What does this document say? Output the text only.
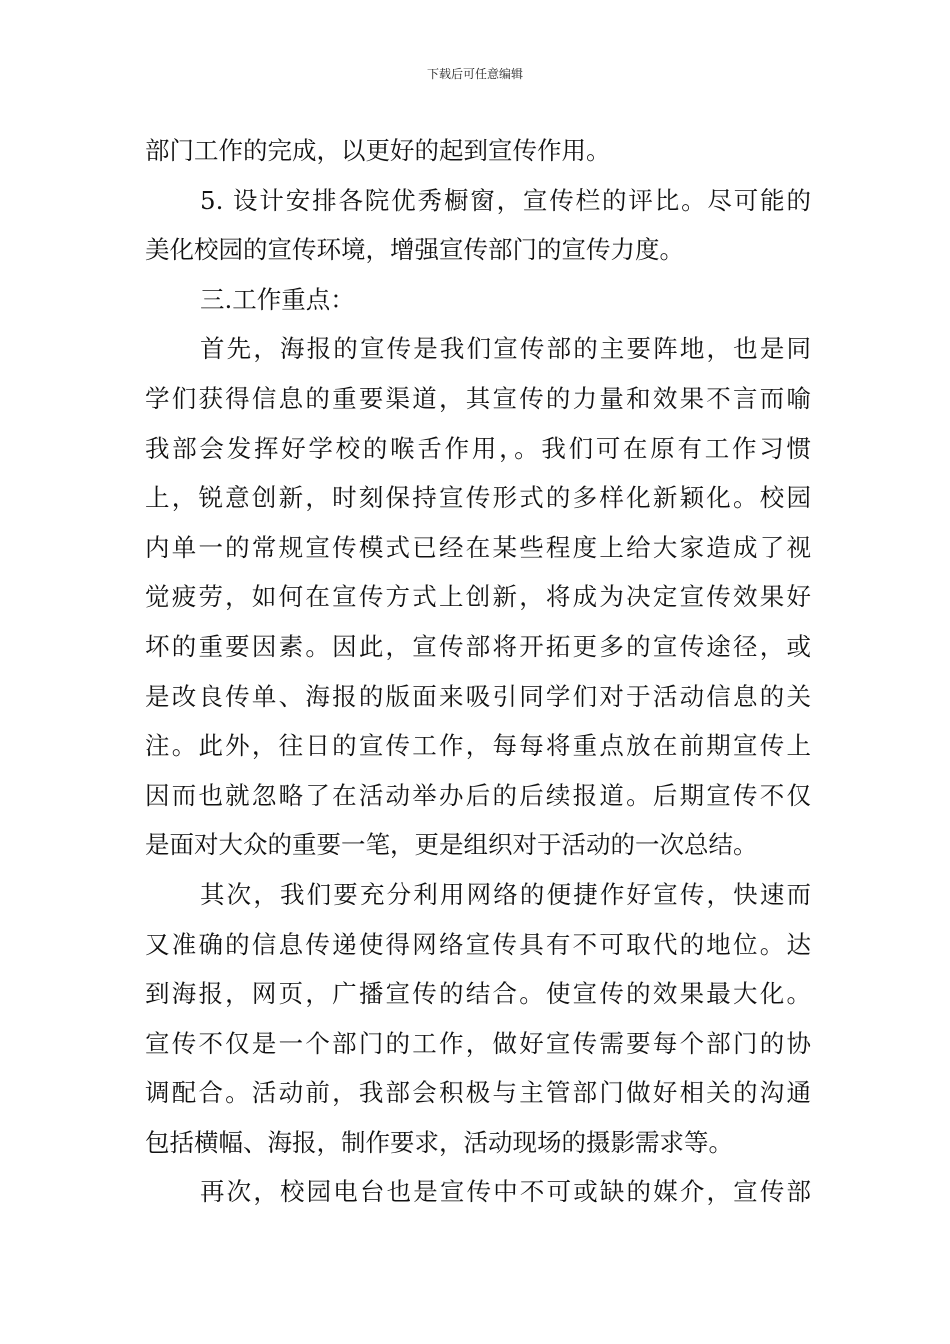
下载后可任意编辑
部门工作的完成，以更好的起到宣传作用。
5. 设计安排各院优秀橱窗，宣传栏的评比。尽可能的
美化校园的宣传环境，增强宣传部门的宣传力度。
三.工作重点：
首先，海报的宣传是我们宣传部的主要阵地，也是同
学们获得信息的重要渠道，其宣传的力量和效果不言而喻
我部会发挥好学校的喉舌作用，。我们可在原有工作习惯
上，锐意创新，时刻保持宣传形式的多样化新颖化。校园
内单一的常规宣传模式已经在某些程度上给大家造成了视
觉疲劳，如何在宣传方式上创新，将成为决定宣传效果好
坏的重要因素。因此，宣传部将开拓更多的宣传途径，或
是改良传单、海报的版面来吸引同学们对于活动信息的关
注。此外，往日的宣传工作，每每将重点放在前期宣传上
因而也就忽略了在活动举办后的后续报道。后期宣传不仅
是面对大众的重要一笔，更是组织对于活动的一次总结。
其次，我们要充分利用网络的便捷作好宣传，快速而
又准确的信息传递使得网络宣传具有不可取代的地位。达
到海报，网页，广播宣传的结合。使宣传的效果最大化。
宣传不仅是一个部门的工作，做好宣传需要每个部门的协
调配合。活动前，我部会积极与主管部门做好相关的沟通
包括横幅、海报，制作要求，活动现场的摄影需求等。
再次，校园电台也是宣传中不可或缺的媒介，宣传部
